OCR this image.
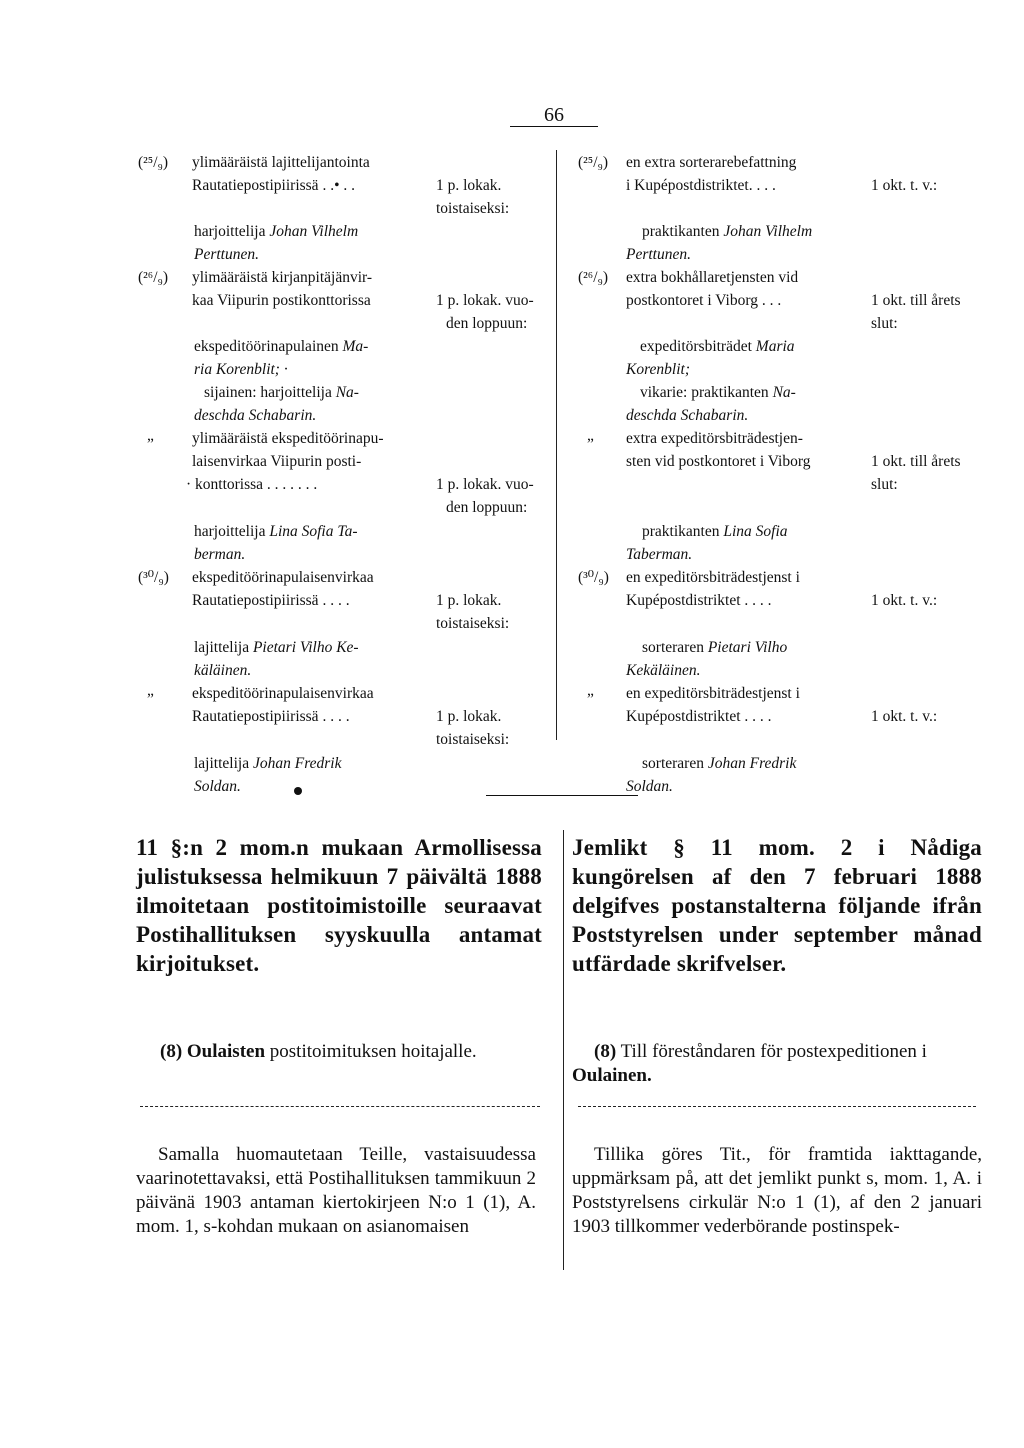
66
(²⁵/₉) ylimääräistä lajittelijantointa
Rautatiepostipiirissä . .• . .	1 p. lokak.
toistaiseksi:
harjoittelija Johan Vilhelm
Perttunen.
(²⁶/₉) ylimääräistä kirjanpitäjänvir-
kaa Viipurin postikonttorissa	1 p. lokak. vuo-
den loppuun:
ekspeditöörinapulainen Ma-
ria Korenblit; ·
sijainen: harjoittelija Na-
deschda Schabarin.
„ ylimääräistä ekspeditöörinapu-
laisenvirkaa Viipurin posti-
· konttorissa . . . . . . .	1 p. lokak. vuo-
den loppuun:
harjoittelija Lina Sofia Ta-
berman.
(³⁰/₉) ekspeditöörinapulaisenvirkaa
Rautatiepostipiirissä . . . .	1 p. lokak.
toistaiseksi:
lajittelija Pietari Vilho Ke-
käläinen.
„ ekspeditöörinapulaisenvirkaa
Rautatiepostipiirissä . . . .	1 p. lokak.
toistaiseksi:
lajittelija Johan Fredrik
Soldan.
(²⁵/₉) en extra sorterarebefattning
i Kupépostdistriktet. . . .	1 okt. t. v.:
praktikanten Johan Vilhelm
Perttunen.
(²⁶/₉) extra bokhållaretjensten vid
postkontoret i Viborg . . .	1 okt. till årets
slut:
expeditörsbiträdet Maria
Korenblit;
vikarie: praktikanten Na-
deschda Schabarin.
„ extra expeditörsbiträdestjen-
sten vid postkontoret i Viborg	1 okt. till årets
slut:
praktikanten Lina Sofia
Taberman.
(³⁰/₉) en expeditörsbiträdestjenst i
Kupépostdistriktet . . . .	1 okt. t. v.:
sorteraren Pietari Vilho
Kekäläinen.
„ en expeditörsbiträdestjenst i
Kupépostdistriktet . . . .	1 okt. t. v.:
sorteraren Johan Fredrik
Soldan.
11 §:n 2 mom.n mukaan Armollisessa julistuksessa helmikuun 7 päivältä 1888 ilmoitetaan postitoimistoille seuraavat Postihallituksen syyskuulla antamat kirjoitukset.
Jemlikt § 11 mom. 2 i Nådiga kungörelsen af den 7 februari 1888 delgifves postanstalterna följande ifrån Poststyrelsen under september månad utfärdade skrifvelser.
(8) Oulaisten postitoimituksen hoitajalle.	(8) Till föreståndaren för postexpeditionen i Oulainen.
Samalla huomautetaan Teille, vastaisuudessa vaarinotettavaksi, että Postihallituksen tammikuun 2 päivänä 1903 antaman kiertokirjeen N:o 1 (1), A. mom. 1, s-kohdan mukaan on asianomaisen
Tillika göres Tit., för framtida iakttagande, uppmärksam på, att det jemlikt punkt s, mom. 1, A. i Poststyrelsens cirkulär N:o 1 (1), af den 2 januari 1903 tillkommer vederbörande postinspek-
